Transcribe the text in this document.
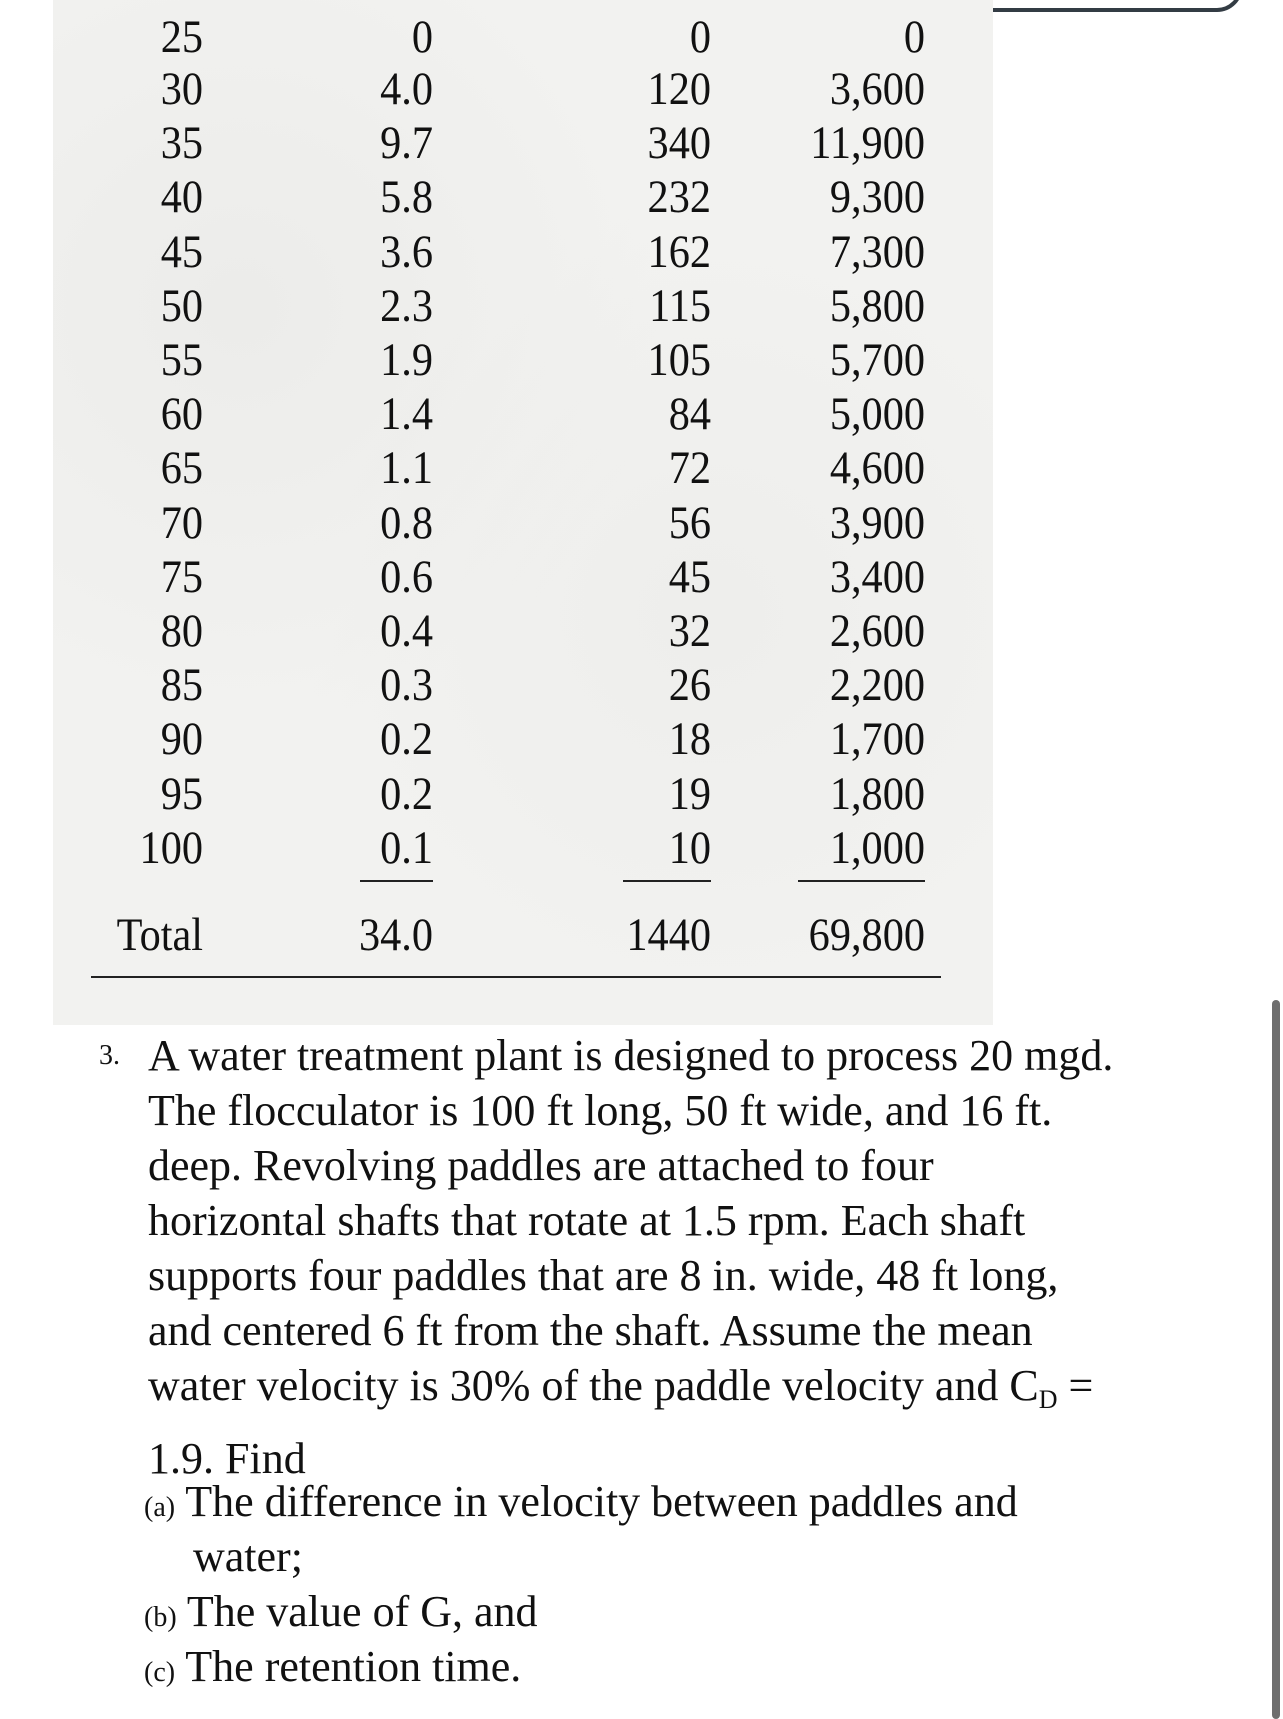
25	0	0	0
30	4.0	120	3,600
35	9.7	340	11,900
40	5.8	232	9,300
45	3.6	162	7,300
50	2.3	115	5,800
55	1.9	105	5,700
60	1.4	84	5,000
65	1.1	72	4,600
70	0.8	56	3,900
75	0.6	45	3,400
80	0.4	32	2,600
85	0.3	26	2,200
90	0.2	18	1,700
95	0.2	19	1,800
100	0.1	10	1,000
Total	34.0	1440	69,800
3. A water treatment plant is designed to process 20 mgd.
The flocculator is 100 ft long, 50 ft wide, and 16 ft.
deep. Revolving paddles are attached to four
horizontal shafts that rotate at 1.5 rpm. Each shaft
supports four paddles that are 8 in. wide, 48 ft long,
and centered 6 ft from the shaft. Assume the mean
water velocity is 30% of the paddle velocity and $C_D$ =
1.9. Find
(a) The difference in velocity between paddles and
water;
(b) The value of G, and
(c) The retention time.
